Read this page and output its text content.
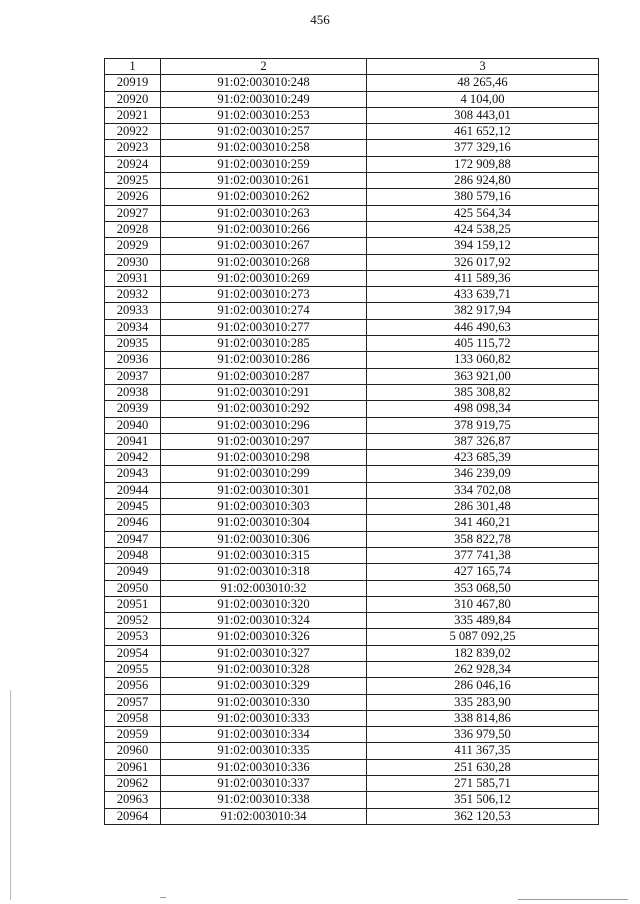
456
1	2	3
20919	91:02:003010:248	48 265,46
20920	91:02:003010:249	4 104,00
20921	91:02:003010:253	308 443,01
20922	91:02:003010:257	461 652,12
20923	91:02:003010:258	377 329,16
20924	91:02:003010:259	172 909,88
20925	91:02:003010:261	286 924,80
20926	91:02:003010:262	380 579,16
20927	91:02:003010:263	425 564,34
20928	91:02:003010:266	424 538,25
20929	91:02:003010:267	394 159,12
20930	91:02:003010:268	326 017,92
20931	91:02:003010:269	411 589,36
20932	91:02:003010:273	433 639,71
20933	91:02:003010:274	382 917,94
20934	91:02:003010:277	446 490,63
20935	91:02:003010:285	405 115,72
20936	91:02:003010:286	133 060,82
20937	91:02:003010:287	363 921,00
20938	91:02:003010:291	385 308,82
20939	91:02:003010:292	498 098,34
20940	91:02:003010:296	378 919,75
20941	91:02:003010:297	387 326,87
20942	91:02:003010:298	423 685,39
20943	91:02:003010:299	346 239,09
20944	91:02:003010:301	334 702,08
20945	91:02:003010:303	286 301,48
20946	91:02:003010:304	341 460,21
20947	91:02:003010:306	358 822,78
20948	91:02:003010:315	377 741,38
20949	91:02:003010:318	427 165,74
20950	91:02:003010:32	353 068,50
20951	91:02:003010:320	310 467,80
20952	91:02:003010:324	335 489,84
20953	91:02:003010:326	5 087 092,25
20954	91:02:003010:327	182 839,02
20955	91:02:003010:328	262 928,34
20956	91:02:003010:329	286 046,16
20957	91:02:003010:330	335 283,90
20958	91:02:003010:333	338 814,86
20959	91:02:003010:334	336 979,50
20960	91:02:003010:335	411 367,35
20961	91:02:003010:336	251 630,28
20962	91:02:003010:337	271 585,71
20963	91:02:003010:338	351 506,12
20964	91:02:003010:34	362 120,53
